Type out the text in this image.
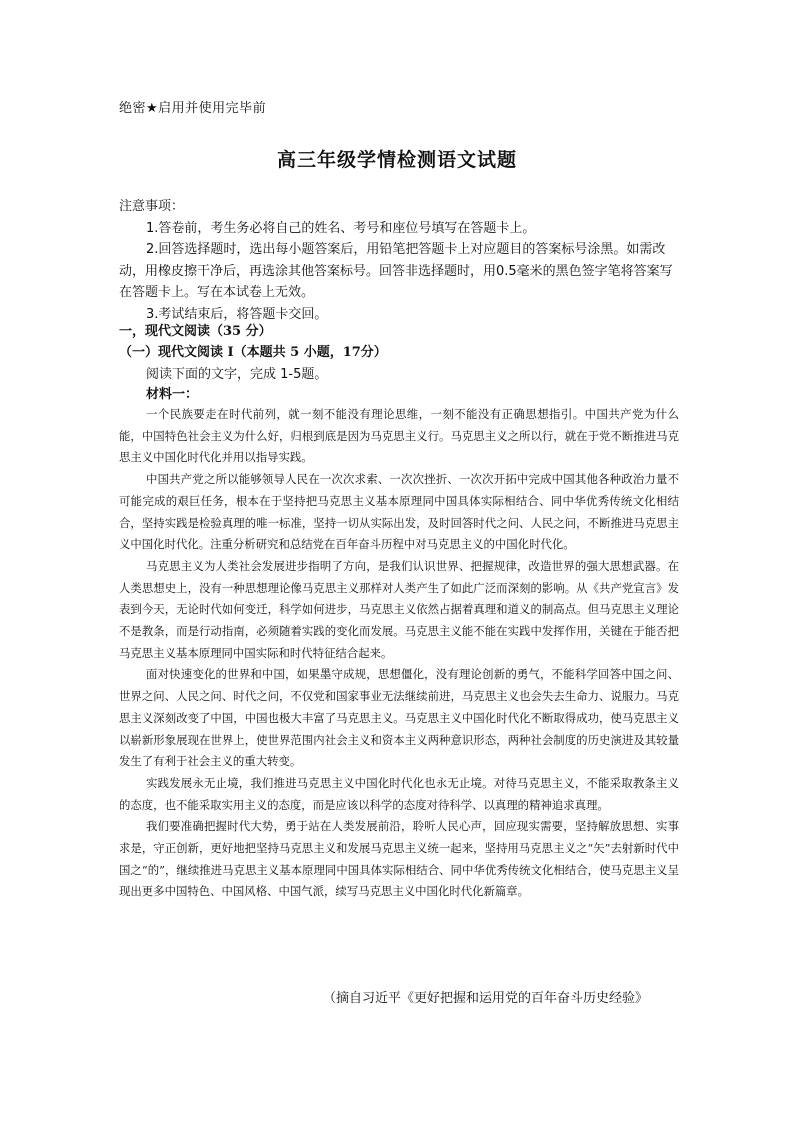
绝密★启用并使用完毕前
高三年级学情检测语文试题

注意事项：

1.答卷前，考生务必将自己的姓名、考号和座位号填写在答题卡上。

2.回答选择题时，选出每小题答案后，用铅笔把答题卡上对应题目的答案标号涂黑。如需改动，用橡皮擦干净后，再选涂其他答案标号。回答非选择题时，用0.5毫米的黑色签字笔将答案写在答题卡上。写在本试卷上无效。

3.考试结束后，将答题卡交回。

一，现代文阅读（35 分）
（一）现代文阅读 I（本题共 5 小题，17分）
阅读下面的文字，完成 1-5题。
材料一：

一个民族要走在时代前列，就一刻不能没有理论思维，一刻不能没有正确思想指引。中国共产党为什么能，中国特色社会主义为什么好，归根到底是因为马克思主义行。马克思主义之所以行，就在于党不断推进马克思主义中国化时代化并用以指导实践。

中国共产党之所以能够领导人民在一次次求索、一次次挫折、一次次开拓中完成中国其他各种政治力量不可能完成的艰巨任务，根本在于坚持把马克思主义基本原理同中国具体实际相结合、同中华优秀传统文化相结合，坚持实践是检验真理的唯一标准，坚持一切从实际出发，及时回答时代之问、人民之问，不断推进马克思主义中国化时代化。注重分析研究和总结党在百年奋斗历程中对马克思主义的中国化时代化。

马克思主义为人类社会发展进步指明了方向，是我们认识世界、把握规律，改造世界的强大思想武器。在人类思想史上，没有一种思想理论像马克思主义那样对人类产生了如此广泛而深刻的影响。从《共产党宣言》发表到今天，无论时代如何变迁，科学如何进步，马克思主义依然占据着真理和道义的制高点。但马克思主义理论不是教条，而是行动指南，必须随着实践的变化而发展。马克思主义能不能在实践中发挥作用，关键在于能否把马克思主义基本原理同中国实际和时代特征结合起来。

面对快速变化的世界和中国，如果墨守成规，思想僵化，没有理论创新的勇气，不能科学回答中国之问、世界之问、人民之问、时代之问，不仅党和国家事业无法继续前进，马克思主义也会失去生命力、说服力。马克思主义深刻改变了中国，中国也极大丰富了马克思主义。马克思主义中国化时代化不断取得成功，使马克思主义以崭新形象展现在世界上，使世界范围内社会主义和资本主义两种意识形态，两种社会制度的历史演进及其较量发生了有利于社会主义的重大转变。

实践发展永无止境，我们推进马克思主义中国化时代化也永无止境。对待马克思主义，不能采取教条主义的态度，也不能采取实用主义的态度，而是应该以科学的态度对待科学、以真理的精神追求真理。

我们要准确把握时代大势，勇于站在人类发展前沿，聆听人民心声，回应现实需要，坚持解放思想、实事求是，守正创新，更好地把坚持马克思主义和发展马克思主义统一起来，坚持用马克思主义之“矢”去射新时代中国之“的”，继续推进马克思主义基本原理同中国具体实际相结合、同中华优秀传统文化相结合，使马克思主义呈现出更多中国特色、中国风格、中国气派，续写马克思主义中国化时代化新篇章。

（摘自习近平《更好把握和运用党的百年奋斗历史经验》
